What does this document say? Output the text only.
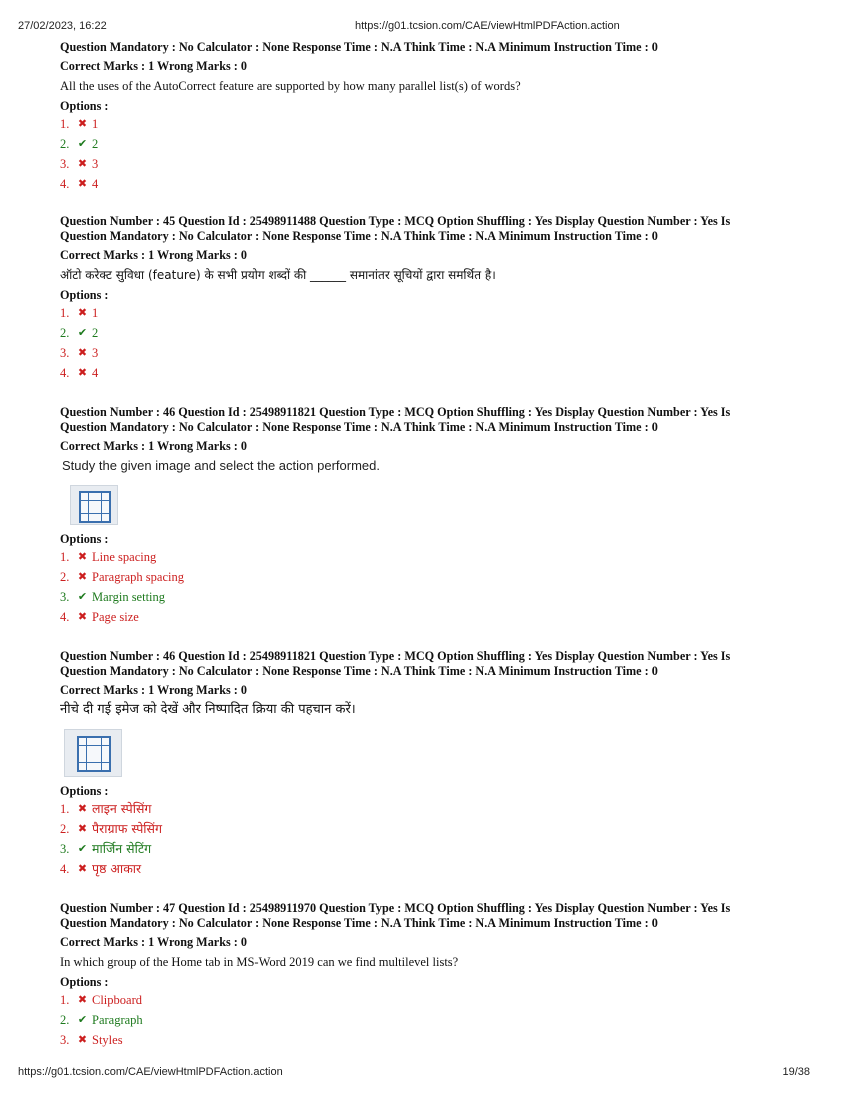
27/02/2023, 16:22	https://g01.tcsion.com/CAE/viewHtmlPDFAction.action
Question Mandatory : No Calculator : None Response Time : N.A Think Time : N.A Minimum Instruction Time : 0
Correct Marks : 1 Wrong Marks : 0
All the uses of the AutoCorrect feature are supported by how many parallel list(s) of words?
Options :
1. ✖ 1
2. ✔ 2
3. ✖ 3
4. ✖ 4
Question Number : 45 Question Id : 25498911488 Question Type : MCQ Option Shuffling : Yes Display Question Number : Yes Is
Question Mandatory : No Calculator : None Response Time : N.A Think Time : N.A Minimum Instruction Time : 0
Correct Marks : 1 Wrong Marks : 0
ऑटो करेक्ट सुविधा (feature) के सभी प्रयोग शब्दों की ______ समानांतर सूचियों द्वारा समर्थित है।
Options :
1. ✖ 1
2. ✔ 2
3. ✖ 3
4. ✖ 4
Question Number : 46 Question Id : 25498911821 Question Type : MCQ Option Shuffling : Yes Display Question Number : Yes Is
Question Mandatory : No Calculator : None Response Time : N.A Think Time : N.A Minimum Instruction Time : 0
Correct Marks : 1 Wrong Marks : 0
Study the given image and select the action performed.
Options :
1. ✖ Line spacing
2. ✖ Paragraph spacing
3. ✔ Margin setting
4. ✖ Page size
Question Number : 46 Question Id : 25498911821 Question Type : MCQ Option Shuffling : Yes Display Question Number : Yes Is
Question Mandatory : No Calculator : None Response Time : N.A Think Time : N.A Minimum Instruction Time : 0
Correct Marks : 1 Wrong Marks : 0
नीचे दी गई इमेज को देखें और निष्पादित क्रिया की पहचान करें।
Options :
1. ✖ लाइन स्पेसिंग
2. ✖ पैराग्राफ स्पेसिंग
3. ✔ मार्जिन सेटिंग
4. ✖ पृष्ठ आकार
Question Number : 47 Question Id : 25498911970 Question Type : MCQ Option Shuffling : Yes Display Question Number : Yes Is
Question Mandatory : No Calculator : None Response Time : N.A Think Time : N.A Minimum Instruction Time : 0
Correct Marks : 1 Wrong Marks : 0
In which group of the Home tab in MS-Word 2019 can we find multilevel lists?
Options :
1. ✖ Clipboard
2. ✔ Paragraph
3. ✖ Styles
https://g01.tcsion.com/CAE/viewHtmlPDFAction.action	19/38
